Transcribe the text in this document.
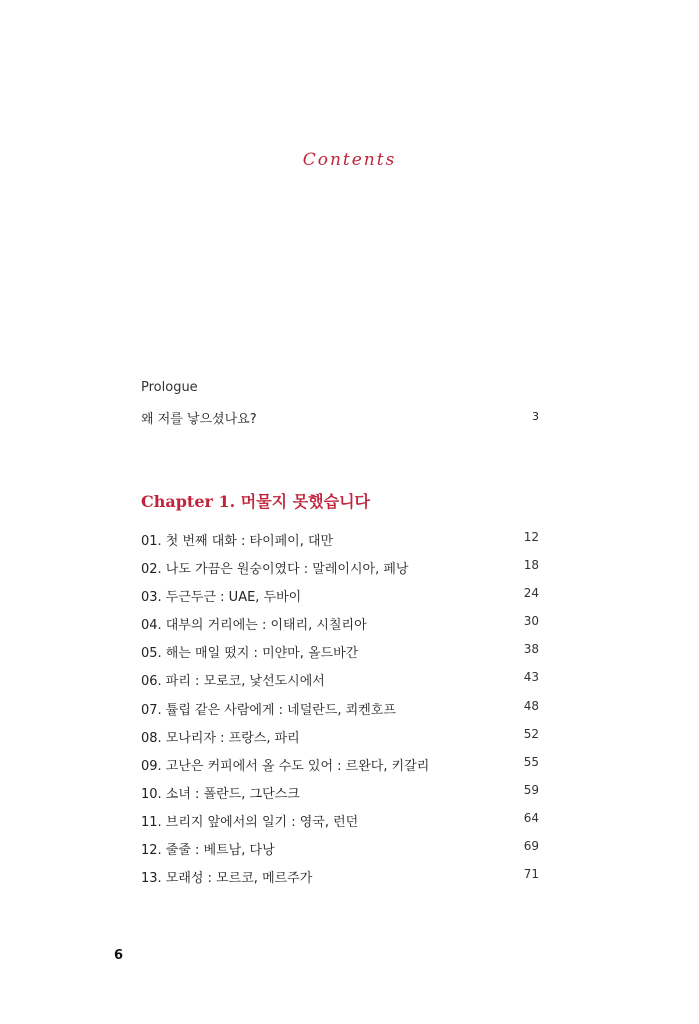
Contents
Prologue
왜 저를 낳으셨나요?	3
Chapter 1. 머물지 못했습니다
01. 첫 번째 대화 : 타이페이, 대만	12
02. 나도 가끔은 원숭이였다 : 말레이시아, 페낭	18
03. 두근두근 : UAE, 두바이	24
04. 대부의 거리에는 : 이태리, 시칠리아	30
05. 해는 매일 떴지 : 미얀마, 올드바간	38
06. 파리 : 모로코, 낯선도시에서	43
07. 튤립 같은 사람에게 : 네덜란드, 쾨켄호프	48
08. 모나리자 : 프랑스, 파리	52
09. 고난은 커피에서 올 수도 있어 : 르완다, 키갈리	55
10. 소녀 : 폴란드, 그단스크	59
11. 브리지 앞에서의 일기 : 영국, 런던	64
12. 줄줄 : 베트남, 다낭	69
13. 모래성 : 모르코, 메르주가	71
6
